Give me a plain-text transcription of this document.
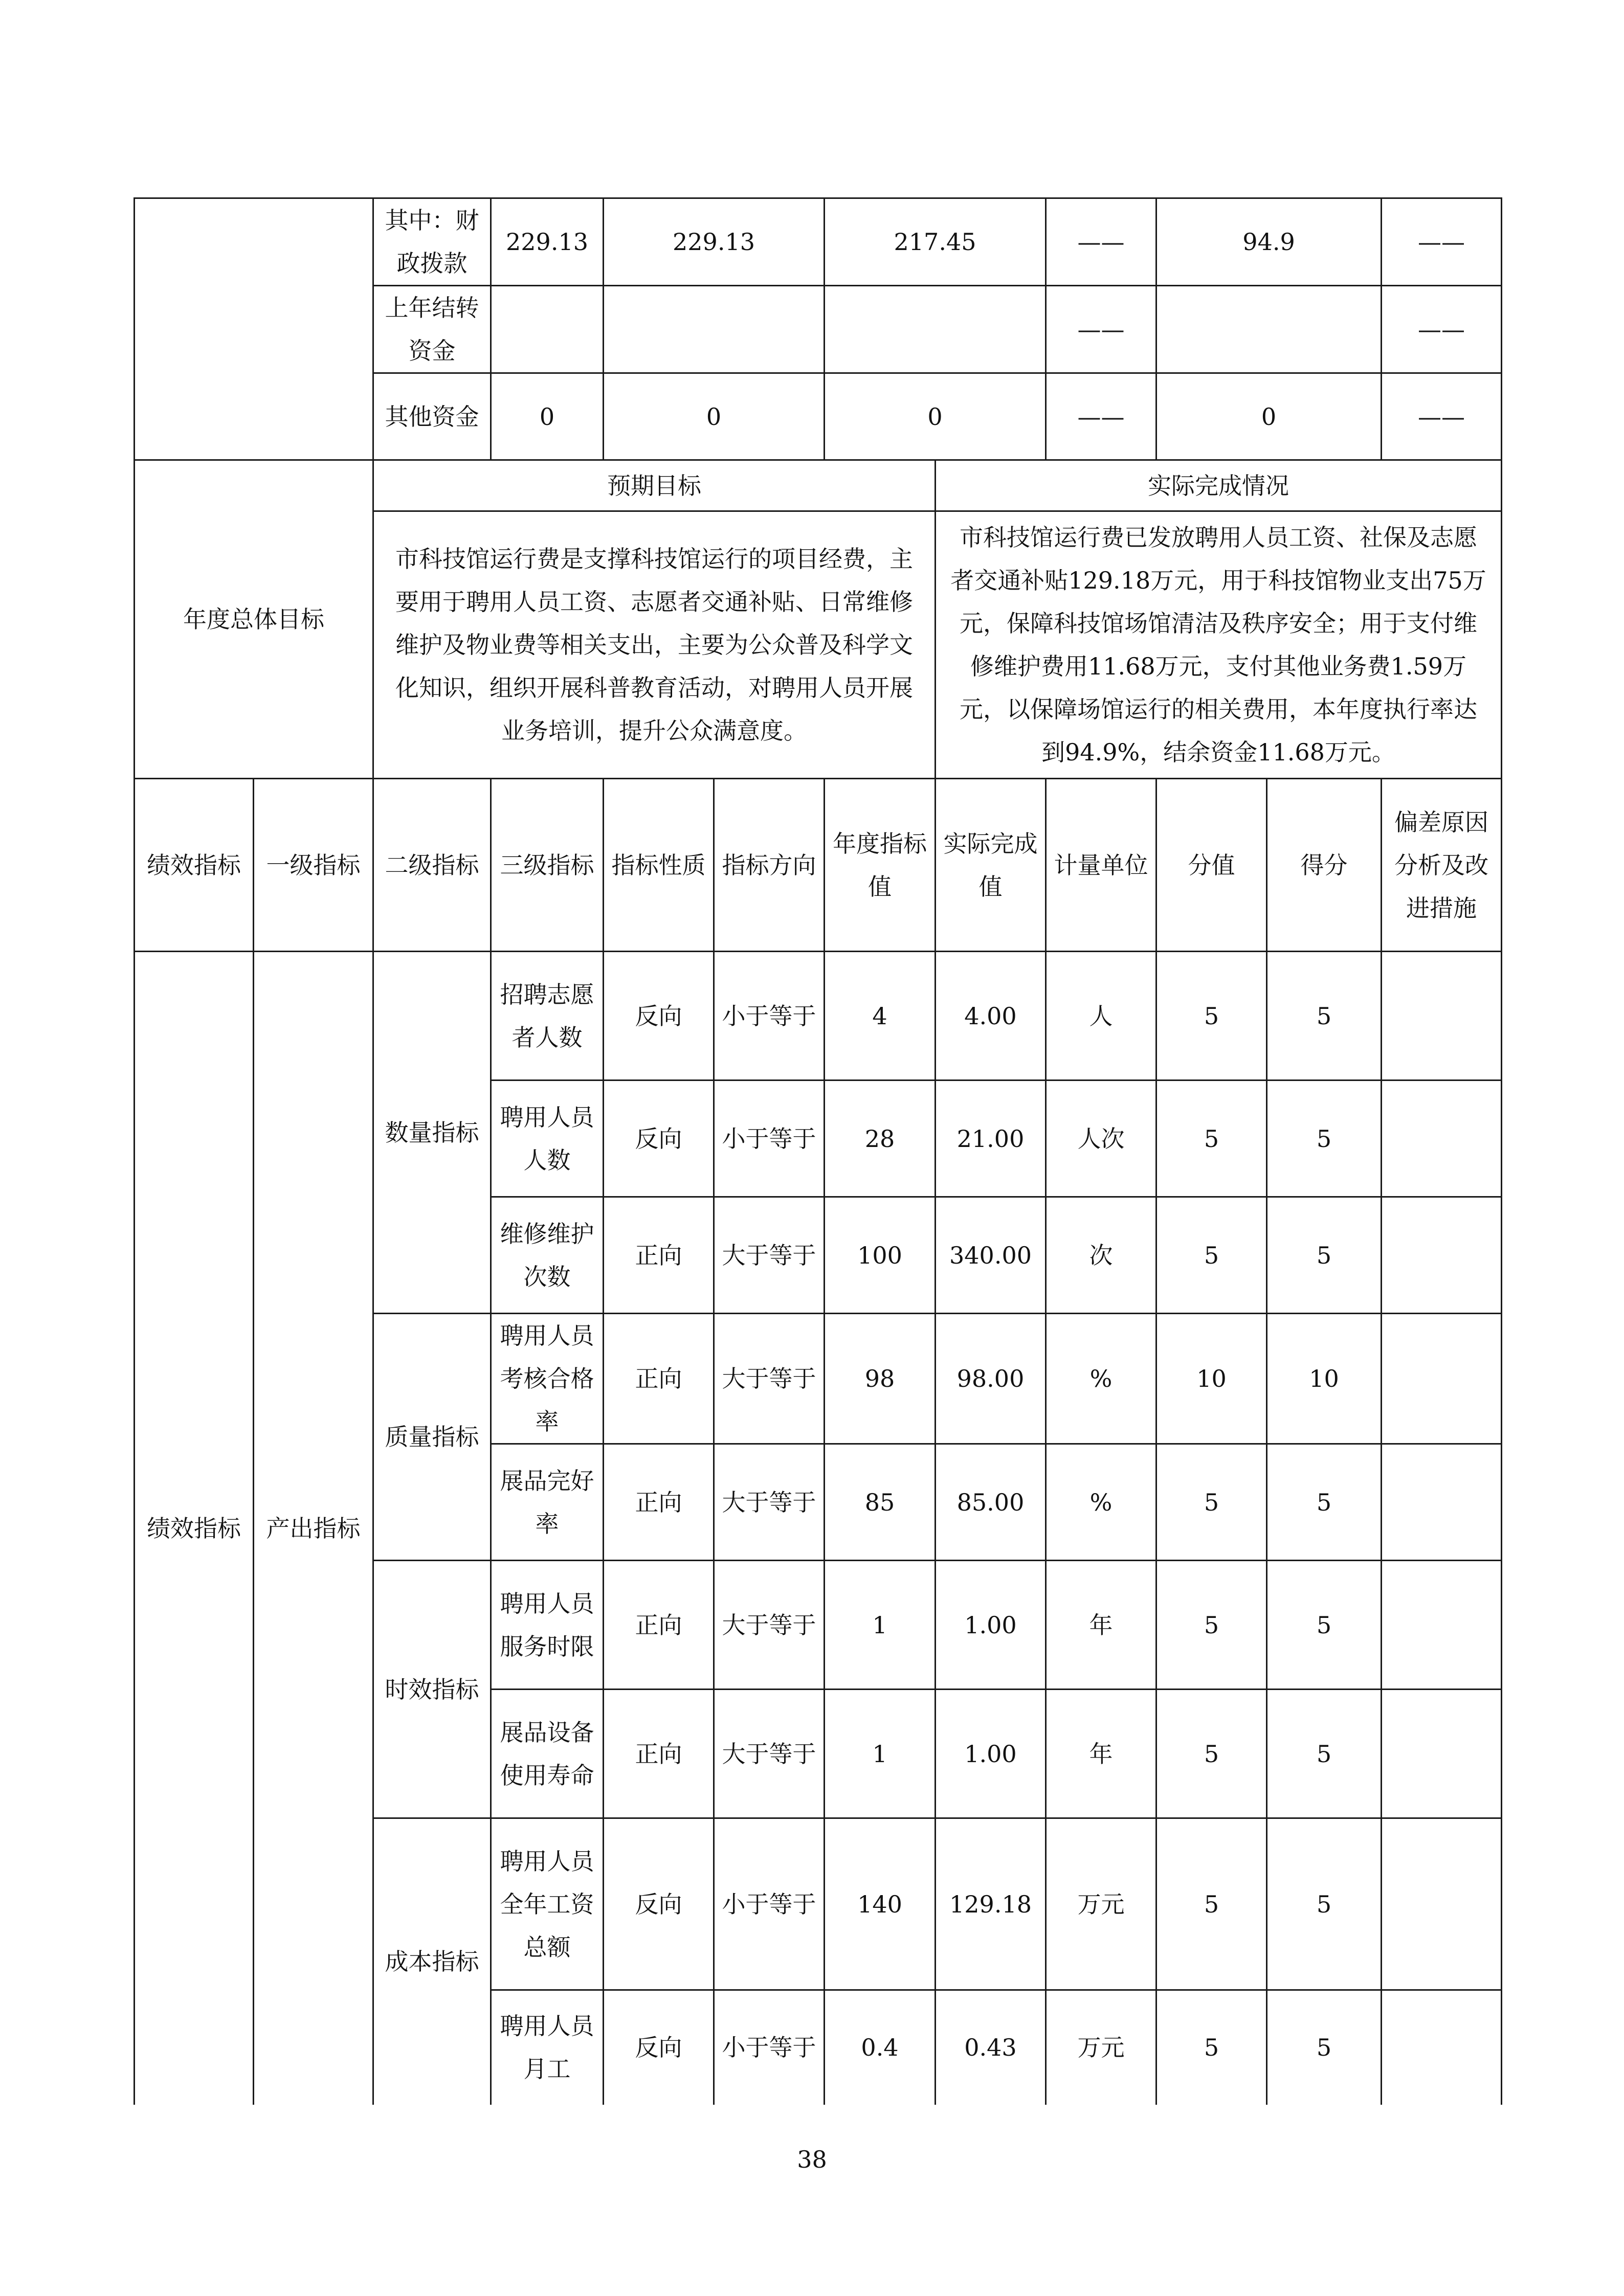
		其中：财政拨款	229.13	229.13		217.45		——	94.9		——
		上年结转资金						——			——
		其他资金	0	0		0		——	0		——
年度总体目标		预期目标					实际完成情况				
		市科技馆运行费是支撑科技馆运行的项目经费，主要用于聘用人员工资、志愿者交通补贴、日常维修维护及物业费等相关支出，主要为公众普及科学文化知识，组织开展科普教育活动，对聘用人员开展业务培训，提升公众满意度。					市科技馆运行费已发放聘用人员工资、社保及志愿者交通补贴129.18万元，用于科技馆物业支出75万元，保障科技馆场馆清洁及秩序安全；用于支付维修维护费用11.68万元，支付其他业务费1.59万元，以保障场馆运行的相关费用，本年度执行率达到94.9%，结余资金11.68万元。				
绩效指标	一级指标	二级指标	三级指标	指标性质	指标方向	年度指标值	实际完成值	计量单位	分值	得分	偏差原因分析及改进措施
绩效指标	产出指标	数量指标	招聘志愿者人数	反向	小于等于	4	4.00	人	5	5	
			聘用人员人数	反向	小于等于	28	21.00	人次	5	5	
			维修维护次数	正向	大于等于	100	340.00	次	5	5	
		质量指标	聘用人员考核合格率	正向	大于等于	98	98.00	%	10	10	
			展品完好率	正向	大于等于	85	85.00	%	5	5	
		时效指标	聘用人员服务时限	正向	大于等于	1	1.00	年	5	5	
			展品设备使用寿命	正向	大于等于	1	1.00	年	5	5	
		成本指标	聘用人员全年工资总额	反向	小于等于	140	129.18	万元	5	5	
			聘用人员月工	反向	小于等于	0.4	0.43	万元	5	5	
38
